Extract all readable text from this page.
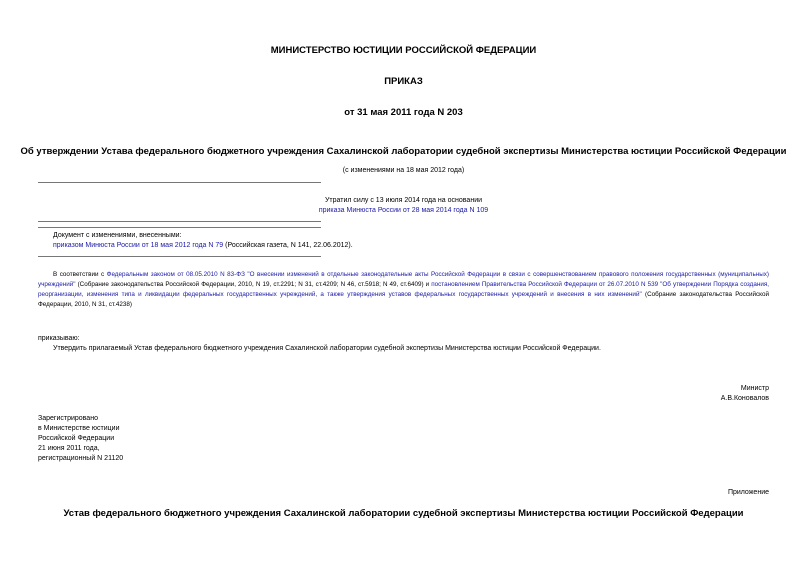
МИНИСТЕРСТВО ЮСТИЦИИ РОССИЙСКОЙ ФЕДЕРАЦИИ
ПРИКАЗ
от 31 мая 2011 года N 203
Об утверждении Устава федерального бюджетного учреждения Сахалинской лаборатории судебной экспертизы Министерства юстиции Российской Федерации
(с изменениями на 18 мая 2012 года)
Утратил силу с 13 июля 2014 года на основании
приказа Минюста России от 28 мая 2014 года N 109
Документ с изменениями, внесенными:
приказом Минюста России от 18 мая 2012 года N 79 (Российская газета, N 141, 22.06.2012).
В соответствии с Федеральным законом от 08.05.2010 N 83-ФЗ "О внесении изменений в отдельные законодательные акты Российской Федерации в связи с совершенствованием правового положения государственных (муниципальных) учреждений" (Собрание законодательства Российской Федерации, 2010, N 19, ст.2291; N 31, ст.4209; N 46, ст.5918; N 49, ст.6409) и постановлением Правительства Российской Федерации от 26.07.2010 N 539 "Об утверждении Порядка создания, реорганизации, изменения типа и ликвидации федеральных государственных учреждений, а также утверждения уставов федеральных государственных учреждений и внесения в них изменений" (Собрание законодательства Российской Федерации, 2010, N 31, ст.4238)
приказываю:
Утвердить прилагаемый Устав федерального бюджетного учреждения Сахалинской лаборатории судебной экспертизы Министерства юстиции Российской Федерации.
Министр
А.В.Коновалов
Зарегистрировано
в Министерстве юстиции
Российской Федерации
21 июня 2011 года,
регистрационный N 21120
Приложение
Устав федерального бюджетного учреждения Сахалинской лаборатории судебной экспертизы Министерства юстиции Российской Федерации
